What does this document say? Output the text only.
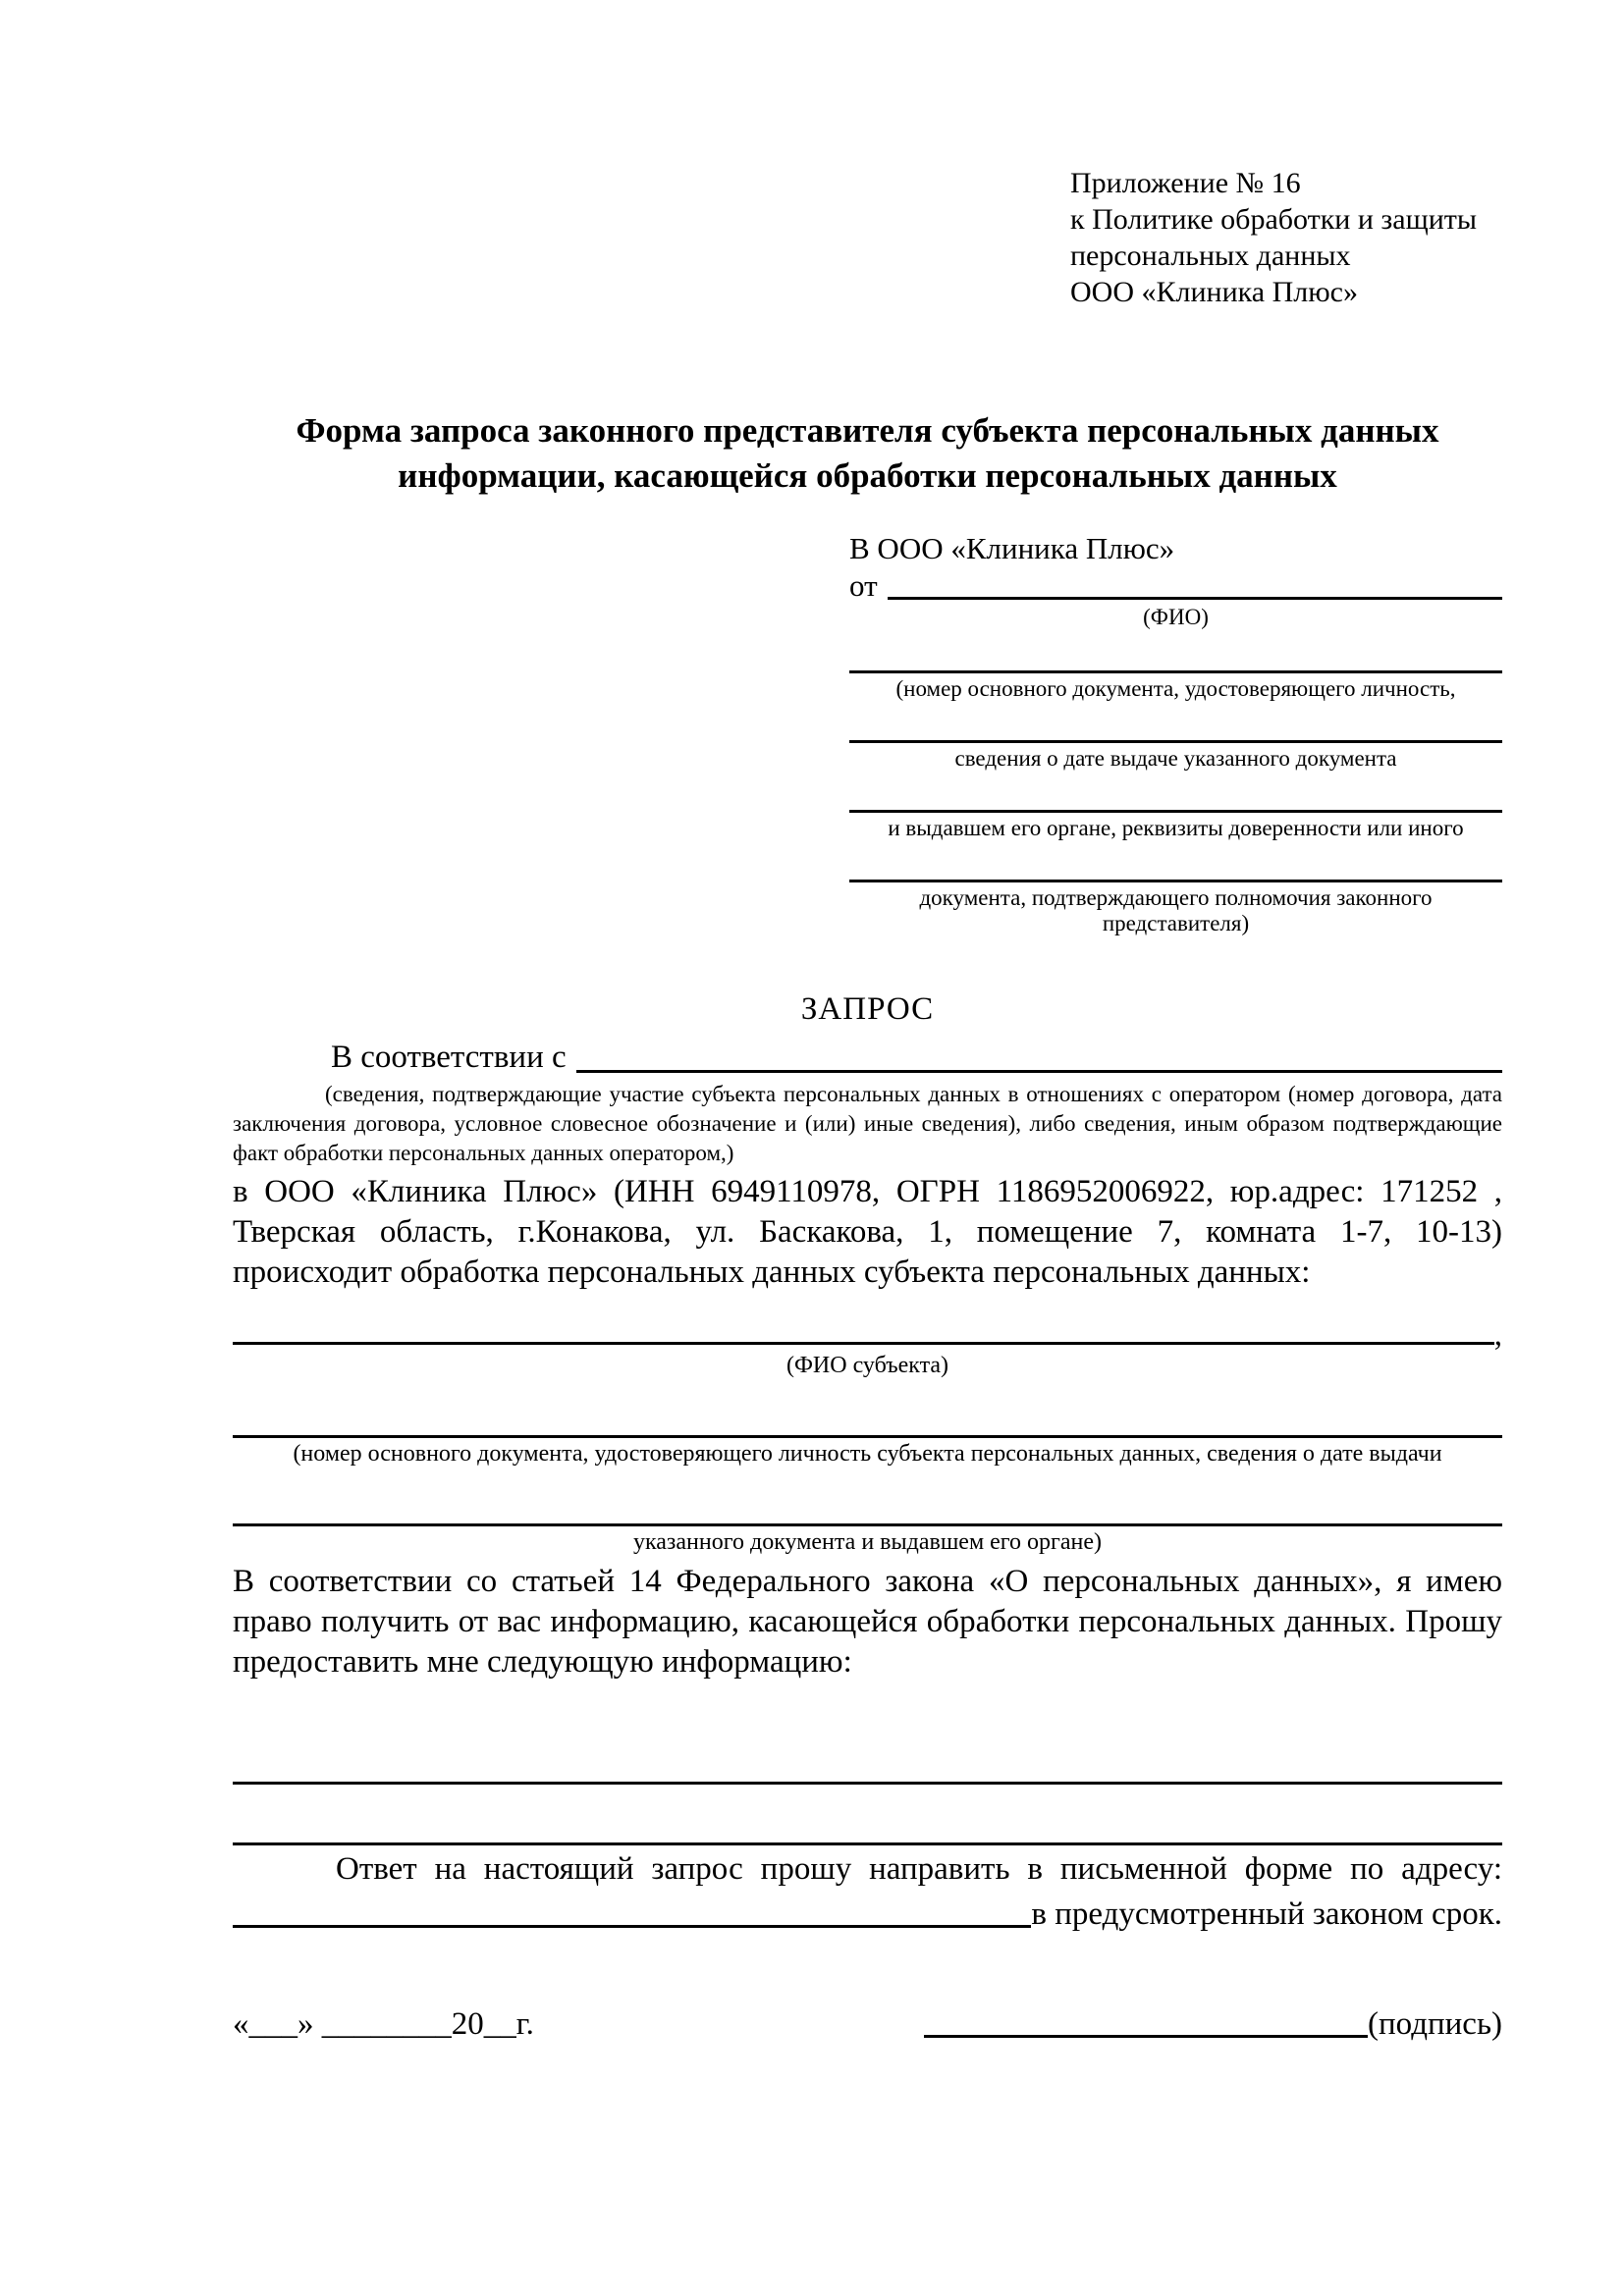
Приложение № 16
к Политике обработки и защиты
персональных данных
ООО «Клиника Плюс»
Форма запроса законного представителя субъекта персональных данных
информации, касающейся обработки персональных данных
В ООО «Клиника Плюс»
от
(ФИО)
(номер основного документа, удостоверяющего личность,
сведения о дате выдаче указанного документа
и выдавшем его органе, реквизиты доверенности или иного
документа, подтверждающего полномочия законного представителя)
ЗАПРОС
В соответствии с
(сведения, подтверждающие участие субъекта персональных данных в отношениях с оператором (номер договора, дата заключения договора, условное словесное обозначение и (или) иные сведения), либо сведения, иным образом подтверждающие факт обработки персональных данных оператором,)
в ООО «Клиника Плюс» (ИНН 6949110978, ОГРН 1186952006922, юр.адрес: 171252 , Тверская область, г.Конакова, ул. Баскакова, 1, помещение 7, комната 1-7, 10-13) происходит обработка персональных данных субъекта персональных данных:
,
(ФИО субъекта)
(номер основного документа, удостоверяющего личность субъекта персональных данных, сведения о дате выдачи
указанного документа и выдавшем его органе)
В соответствии со статьей 14 Федерального закона «О персональных данных», я имею право получить от вас информацию, касающейся обработки персональных данных. Прошу предоставить мне следующую информацию:
Ответ на настоящий запрос прошу направить в письменной форме по адресу:
в предусмотренный законом срок.
«___» ________20__г.	(подпись)
